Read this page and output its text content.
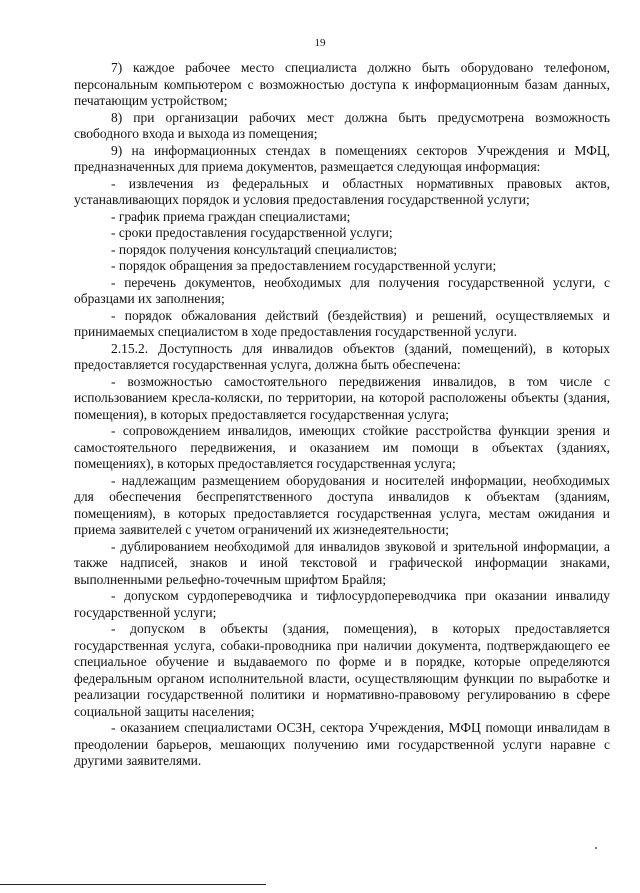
19

7) каждое рабочее место специалиста должно быть оборудовано телефоном, персональным компьютером с возможностью доступа к информационным базам данных, печатающим устройством;

8) при организации рабочих мест должна быть предусмотрена возможность свободного входа и выхода из помещения;

9) на информационных стендах в помещениях секторов Учреждения и МФЦ, предназначенных для приема документов, размещается следующая информация:

- извлечения из федеральных и областных нормативных правовых актов, устанавливающих порядок и условия предоставления государственной услуги;

- график приема граждан специалистами;

- сроки предоставления государственной услуги;

- порядок получения консультаций специалистов;

- порядок обращения за предоставлением государственной услуги;

- перечень документов, необходимых для получения государственной услуги, с образцами их заполнения;

- порядок обжалования действий (бездействия) и решений, осуществляемых и принимаемых специалистом в ходе предоставления государственной услуги.

2.15.2. Доступность для инвалидов объектов (зданий, помещений), в которых предоставляется государственная услуга, должна быть обеспечена:

- возможностью самостоятельного передвижения инвалидов, в том числе с использованием кресла-коляски, по территории, на которой расположены объекты (здания, помещения), в которых предоставляется государственная услуга;

- сопровождением инвалидов, имеющих стойкие расстройства функции зрения и самостоятельного передвижения, и оказанием им помощи в объектах (зданиях, помещениях), в которых предоставляется государственная услуга;

- надлежащим размещением оборудования и носителей информации, необходимых для обеспечения беспрепятственного доступа инвалидов к объектам (зданиям, помещениям), в которых предоставляется государственная услуга, местам ожидания и приема заявителей с учетом ограничений их жизнедеятельности;

- дублированием необходимой для инвалидов звуковой и зрительной информации, а также надписей, знаков и иной текстовой и графической информации знаками, выполненными рельефно-точечным шрифтом Брайля;

- допуском сурдопереводчика и тифлосурдопереводчика при оказании инвалиду государственной услуги;

- допуском в объекты (здания, помещения), в которых предоставляется государственная услуга, собаки-проводника при наличии документа, подтверждающего ее специальное обучение и выдаваемого по форме и в порядке, которые определяются федеральным органом исполнительной власти, осуществляющим функции по выработке и реализации государственной политики и нормативно-правовому регулированию в сфере социальной защиты населения;

- оказанием специалистами ОСЗН, сектора Учреждения, МФЦ помощи инвалидам в преодолении барьеров, мешающих получению ими государственной услуги наравне с другими заявителями.
